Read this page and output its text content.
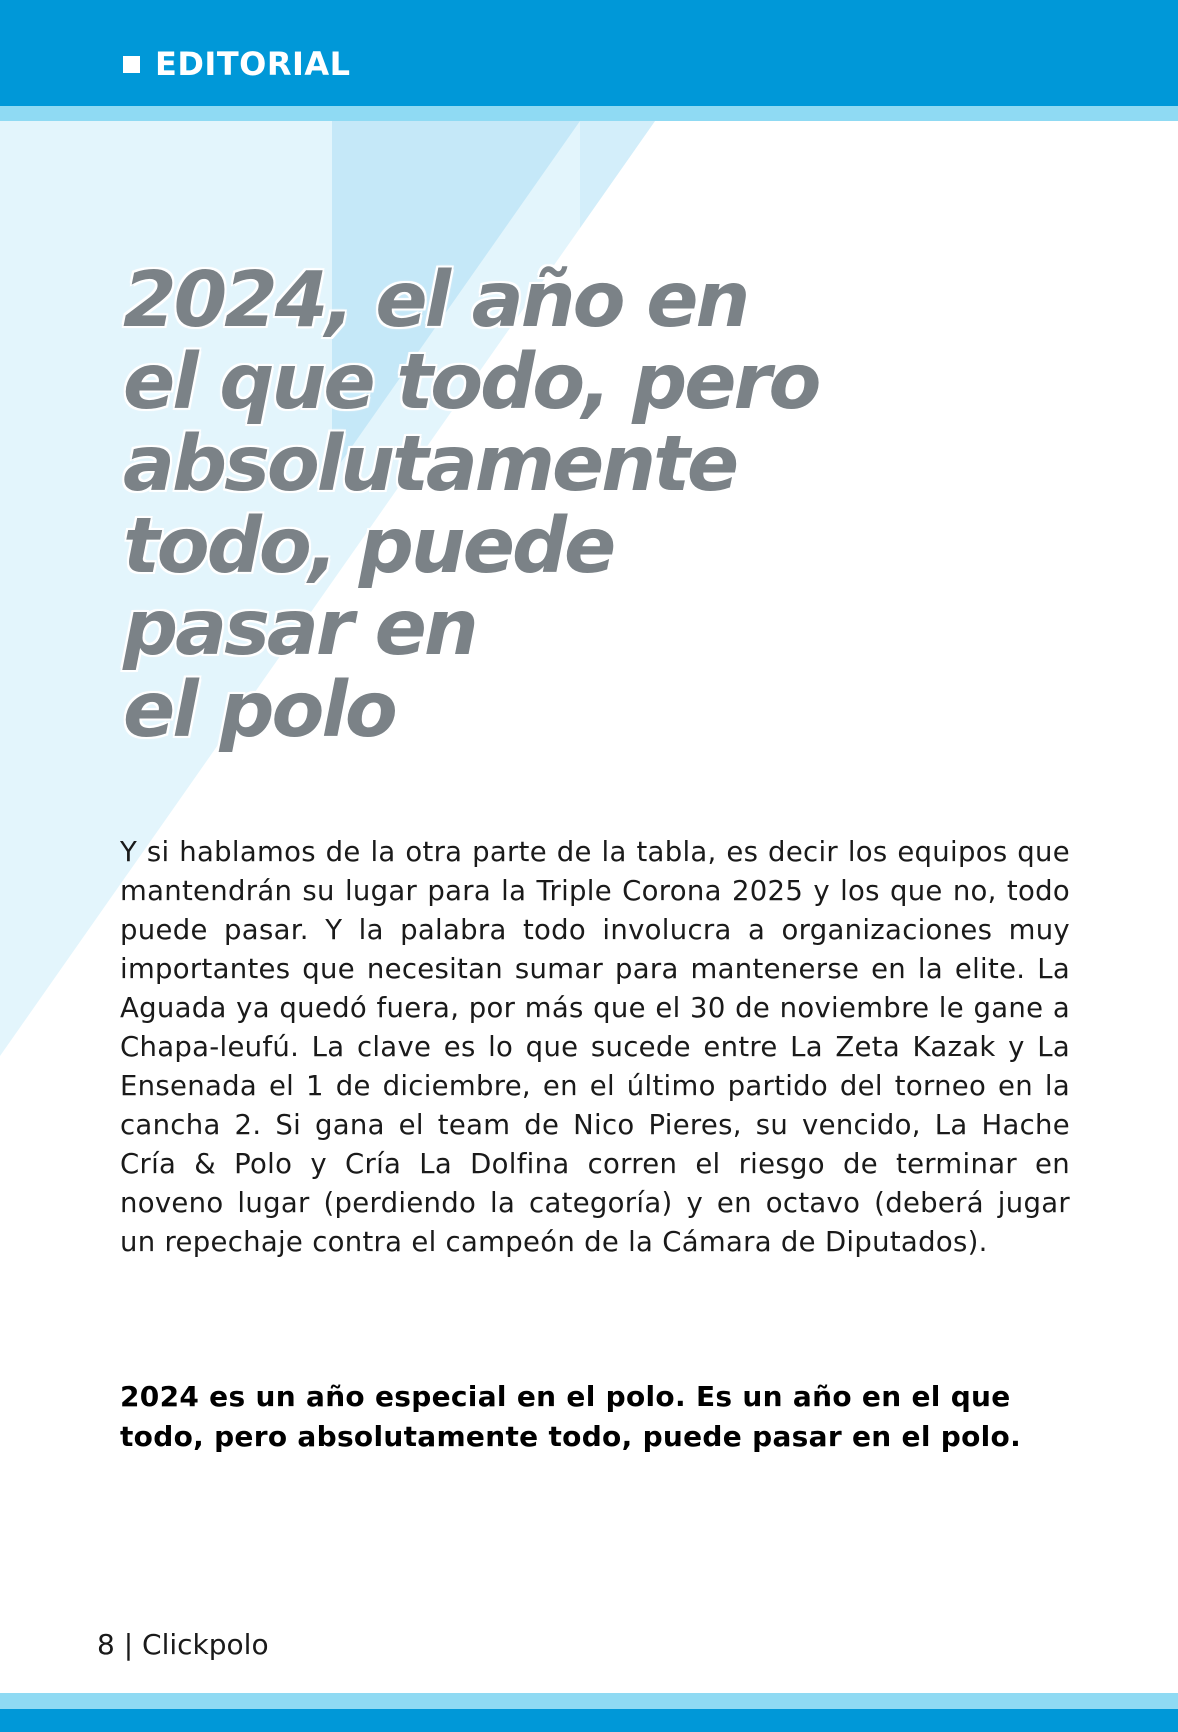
EDITORIAL
2024, el año en
el que todo, pero
absolutamente
todo, puede
pasar en
el polo

Y si hablamos de la otra parte de la tabla, es decir los equipos que mantendrán su lugar para la Triple Corona 2025 y los que no, todo puede pasar. Y la palabra todo involucra a organizaciones muy importantes que necesitan sumar para mantenerse en la elite. La Aguada ya quedó fuera, por más que el 30 de noviembre le gane a Chapa-leufú. La clave es lo que sucede entre La Zeta Kazak y La Ensenada el 1 de diciembre, en el último partido del torneo en la cancha 2. Si gana el team de Nico Pieres, su vencido, La Hache Cría & Polo y Cría La Dolfina corren el riesgo de terminar en noveno lugar (perdiendo la categoría) y en octavo (deberá jugar un repechaje contra el campeón de la Cámara de Diputados).

2024 es un año especial en el polo. Es un año en el que todo, pero absolutamente todo, puede pasar en el polo.

8 | Clickpolo
